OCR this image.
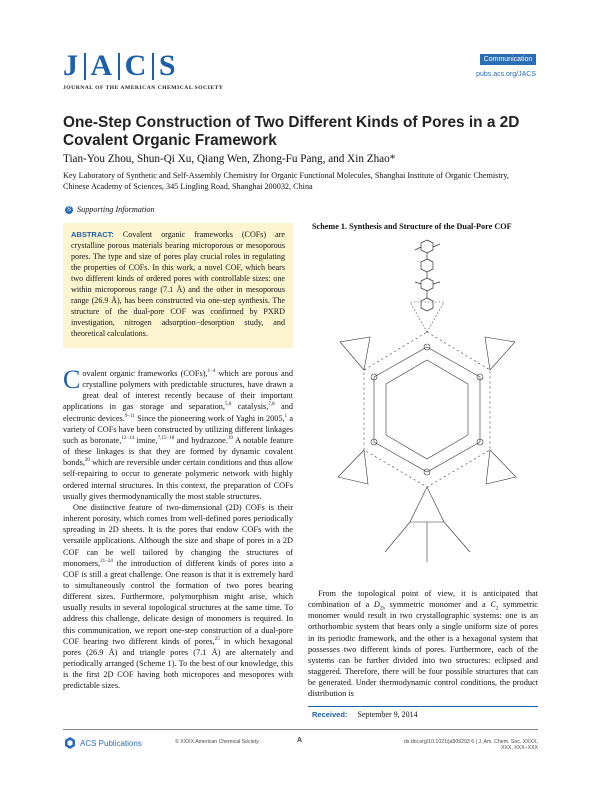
J A C S
JOURNAL OF THE AMERICAN CHEMICAL SOCIETY
Communication
pubs.acs.org/JACS
One-Step Construction of Two Different Kinds of Pores in a 2D Covalent Organic Framework
Tian-You Zhou, Shun-Qi Xu, Qiang Wen, Zhong-Fu Pang, and Xin Zhao*
Key Laboratory of Synthetic and Self-Assembly Chemistry for Organic Functional Molecules, Shanghai Institute of Organic Chemistry, Chinese Academy of Sciences, 345 Lingling Road, Shanghai 200032, China
S Supporting Information
ABSTRACT: Covalent organic frameworks (COFs) are crystalline porous materials bearing microporous or mesoporous pores. The type and size of pores play crucial roles in regulating the properties of COFs. In this work, a novel COF, which bears two different kinds of ordered pores with controllable sizes: one within microporous range (7.1 Å) and the other in mesoporous range (26.9 Å), has been constructed via one-step synthesis. The structure of the dual-pore COF was confirmed by PXRD investigation, nitrogen adsorption−desorption study, and theoretical calculations.

Covalent organic frameworks (COFs),$^{1-4}$ which are porous and crystalline polymers with predictable structures, have drawn a great deal of interest recently because of their important applications in gas storage and separation,$^{5,6}$ catalysis,$^{7,8}$ and electronic devices.$^{9-11}$ Since the pioneering work of Yaghi in 2005,$^1$ a variety of COFs have been constructed by utilizing different linkages such as boronate,$^{12-14}$ imine,$^{7,15-18}$ and hydrazone.$^{19}$ A notable feature of these linkages is that they are formed by dynamic covalent bonds,$^{20}$ which are reversible under certain conditions and thus allow self-repairing to occur to generate polymeric network with highly ordered internal structures. In this context, the preparation of COFs usually gives thermodynamically the most stable structures.

One distinctive feature of two-dimensional (2D) COFs is their inherent porosity, which comes from well-defined pores periodically spreading in 2D sheets. It is the pores that endow COFs with the versatile applications. Although the size and shape of pores in a 2D COF can be well tailored by changing the structures of monomers,$^{21-24}$ the introduction of different kinds of pores into a COF is still a great challenge. One reason is that it is extremely hard to simultaneously control the formation of two pores bearing different sizes. Furthermore, polymorphism might arise, which usually results in several topological structures at the same time. To address this challenge, delicate design of monomers is required. In this communication, we report one-step construction of a dual-pore COF bearing two different kinds of pores,$^{25}$ in which hexagonal pores (26.9 Å) and triangle pores (7.1 Å) are alternately and periodically arranged (Scheme 1). To the best of our knowledge, this is the first 2D COF having both micropores and mesopores with predictable sizes.

Scheme 1. Synthesis and Structure of the Dual-Pore COF

From the topological point of view, it is anticipated that combination of a $D_{2h}$ symmetric monomer and a $C_2$ symmetric monomer would result in two crystallographic systems: one is an orthorhombic system that bears only a single uniform size of pores in its periodic framework, and the other is a hexagonal system that possesses two different kinds of pores. Furthermore, each of the systems can be further divided into two structures: eclipsed and staggered. Therefore, there will be four possible structures that can be generated. Under thermodynamic control conditions, the product distribution is

Received: September 9, 2014
ACS Publications	© XXXX American Chemical Society	A	dx.doi.org/10.1021/ja509293 6 | J. Am. Chem. Soc. XXXX, XXX, XXX−XXX
